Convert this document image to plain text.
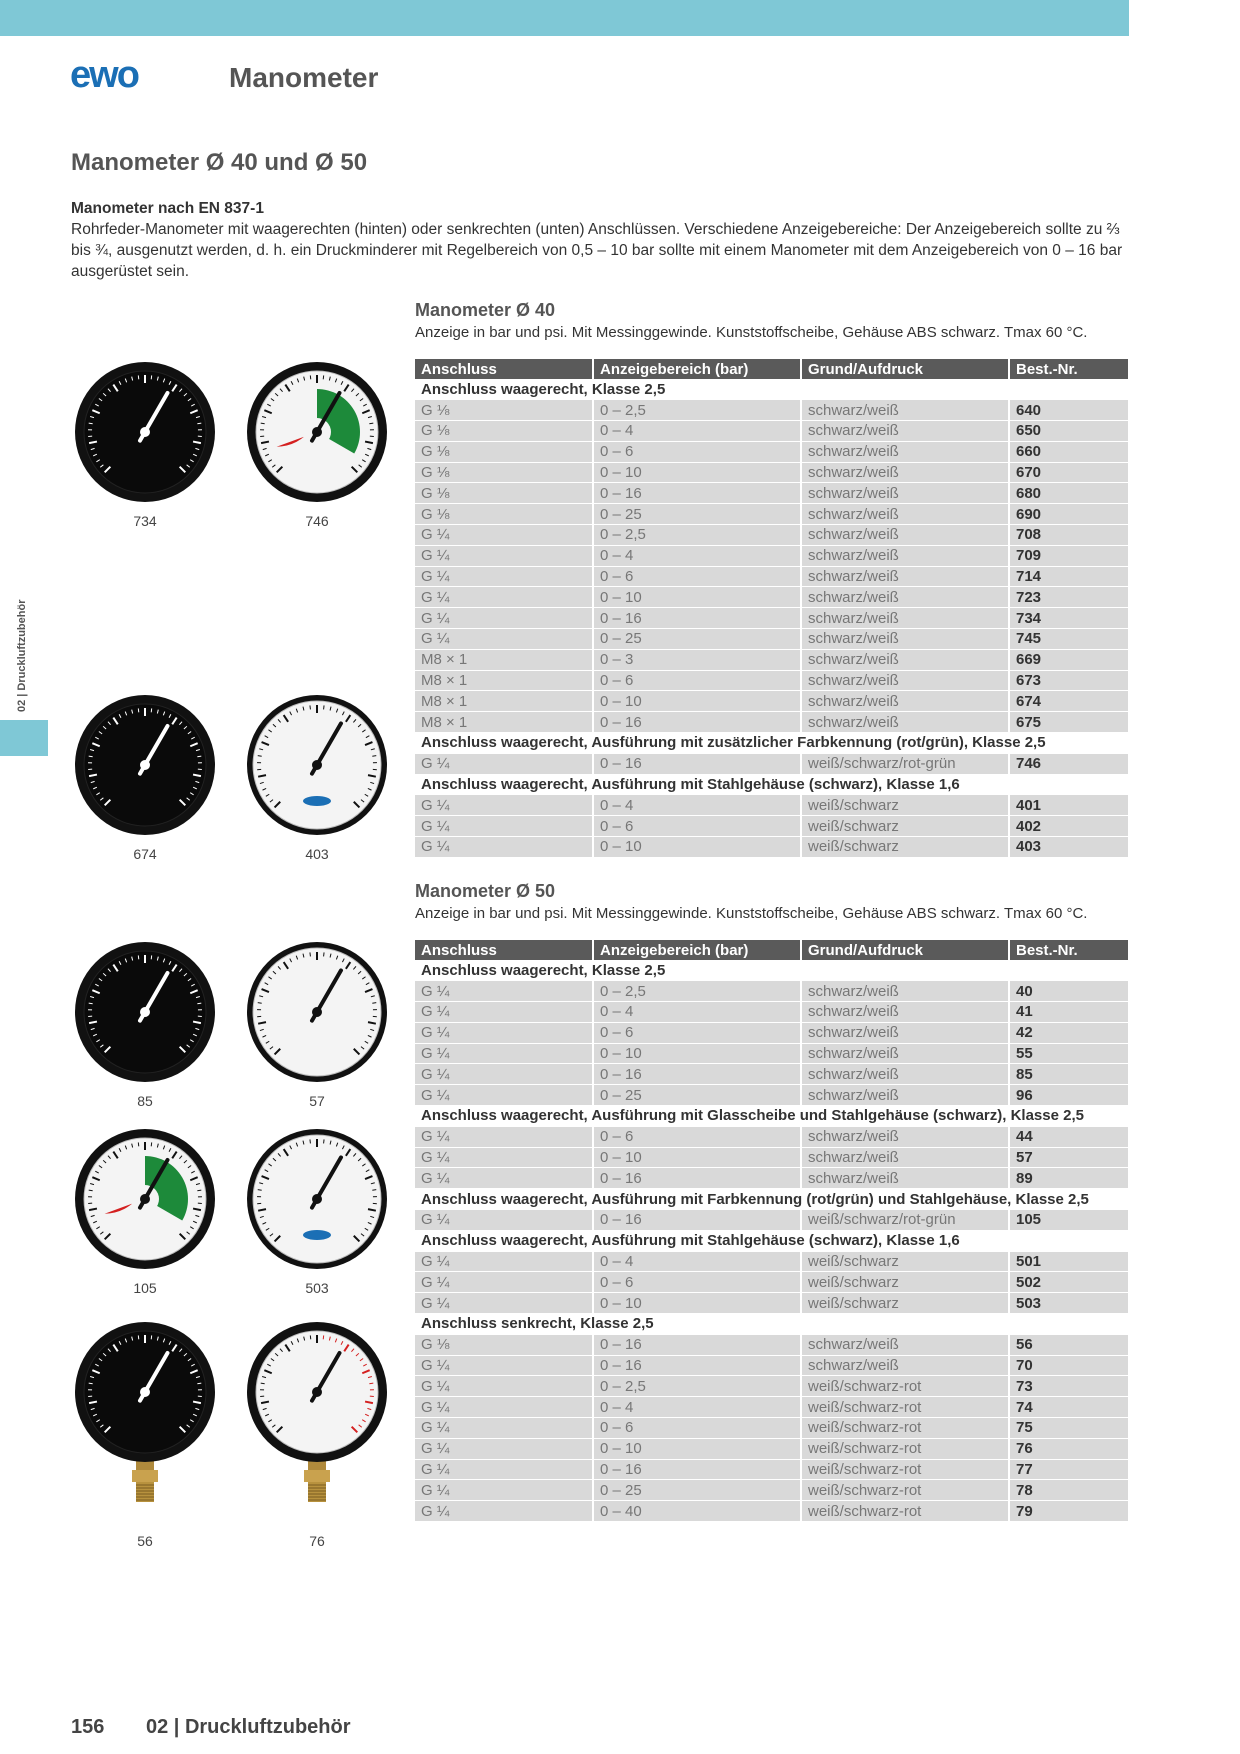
ewo	Manometer
Manometer Ø 40 und Ø 50
Manometer nach EN 837-1
Rohrfeder-Manometer mit waagerechten (hinten) oder senkrechten (unten) Anschlüssen. Verschiedene Anzeigebereiche: Der Anzeigebereich sollte zu ⅔ bis ¾, ausgenutzt werden, d. h. ein Druckminderer mit Regelbereich von 0,5 – 10 bar sollte mit einem Manometer mit dem Anzeigebereich von 0 – 16 bar ausgerüstet sein.
02 | Druckluftzubehör
Manometer Ø 40

Anzeige in bar und psi. Mit Messinggewinde. Kunststoffscheibe, Gehäuse ABS schwarz. Tmax 60 °C.

Anschluss	Anzeigebereich (bar)	Grund/Aufdruck	Best.-Nr.
Anschluss waagerecht, Klasse 2,5			
G ⅛	0 – 2,5	schwarz/weiß	640
G ⅛	0 – 4	schwarz/weiß	650
G ⅛	0 – 6	schwarz/weiß	660
G ⅛	0 – 10	schwarz/weiß	670
G ⅛	0 – 16	schwarz/weiß	680
G ⅛	0 – 25	schwarz/weiß	690
G ¼	0 – 2,5	schwarz/weiß	708
G ¼	0 – 4	schwarz/weiß	709
G ¼	0 – 6	schwarz/weiß	714
G ¼	0 – 10	schwarz/weiß	723
G ¼	0 – 16	schwarz/weiß	734
G ¼	0 – 25	schwarz/weiß	745
M8 × 1	0 – 3	schwarz/weiß	669
M8 × 1	0 – 6	schwarz/weiß	673
M8 × 1	0 – 10	schwarz/weiß	674
M8 × 1	0 – 16	schwarz/weiß	675
Anschluss waagerecht, Ausführung mit zusätzlicher Farbkennung (rot/grün), Klasse 2,5			
G ¼	0 – 16	weiß/schwarz/rot-grün	746
Anschluss waagerecht, Ausführung mit Stahlgehäuse (schwarz), Klasse 1,6			
G ¼	0 – 4	weiß/schwarz	401
G ¼	0 – 6	weiß/schwarz	402
G ¼	0 – 10	weiß/schwarz	403
Manometer Ø 50

Anzeige in bar und psi. Mit Messinggewinde. Kunststoffscheibe, Gehäuse ABS schwarz. Tmax 60 °C.

Anschluss	Anzeigebereich (bar)	Grund/Aufdruck	Best.-Nr.
Anschluss waagerecht, Klasse 2,5			
G ¼	0 – 2,5	schwarz/weiß	40
G ¼	0 – 4	schwarz/weiß	41
G ¼	0 – 6	schwarz/weiß	42
G ¼	0 – 10	schwarz/weiß	55
G ¼	0 – 16	schwarz/weiß	85
G ¼	0 – 25	schwarz/weiß	96
Anschluss waagerecht, Ausführung mit Glasscheibe und Stahlgehäuse (schwarz), Klasse 2,5			
G ¼	0 – 6	schwarz/weiß	44
G ¼	0 – 10	schwarz/weiß	57
G ¼	0 – 16	schwarz/weiß	89
Anschluss waagerecht, Ausführung mit Farbkennung (rot/grün) und Stahlgehäuse, Klasse 2,5			
G ¼	0 – 16	weiß/schwarz/rot-grün	105
Anschluss waagerecht, Ausführung mit Stahlgehäuse (schwarz), Klasse 1,6			
G ¼	0 – 4	weiß/schwarz	501
G ¼	0 – 6	weiß/schwarz	502
G ¼	0 – 10	weiß/schwarz	503
Anschluss senkrecht, Klasse 2,5			
G ⅛	0 – 16	schwarz/weiß	56
G ¼	0 – 16	schwarz/weiß	70
G ¼	0 – 2,5	weiß/schwarz-rot	73
G ¼	0 – 4	weiß/schwarz-rot	74
G ¼	0 – 6	weiß/schwarz-rot	75
G ¼	0 – 10	weiß/schwarz-rot	76
G ¼	0 – 16	weiß/schwarz-rot	77
G ¼	0 – 25	weiß/schwarz-rot	78
G ¼	0 – 40	weiß/schwarz-rot	79
734	746
674	403
85	57
105	503
56	76
156 02 | Druckluftzubehör
